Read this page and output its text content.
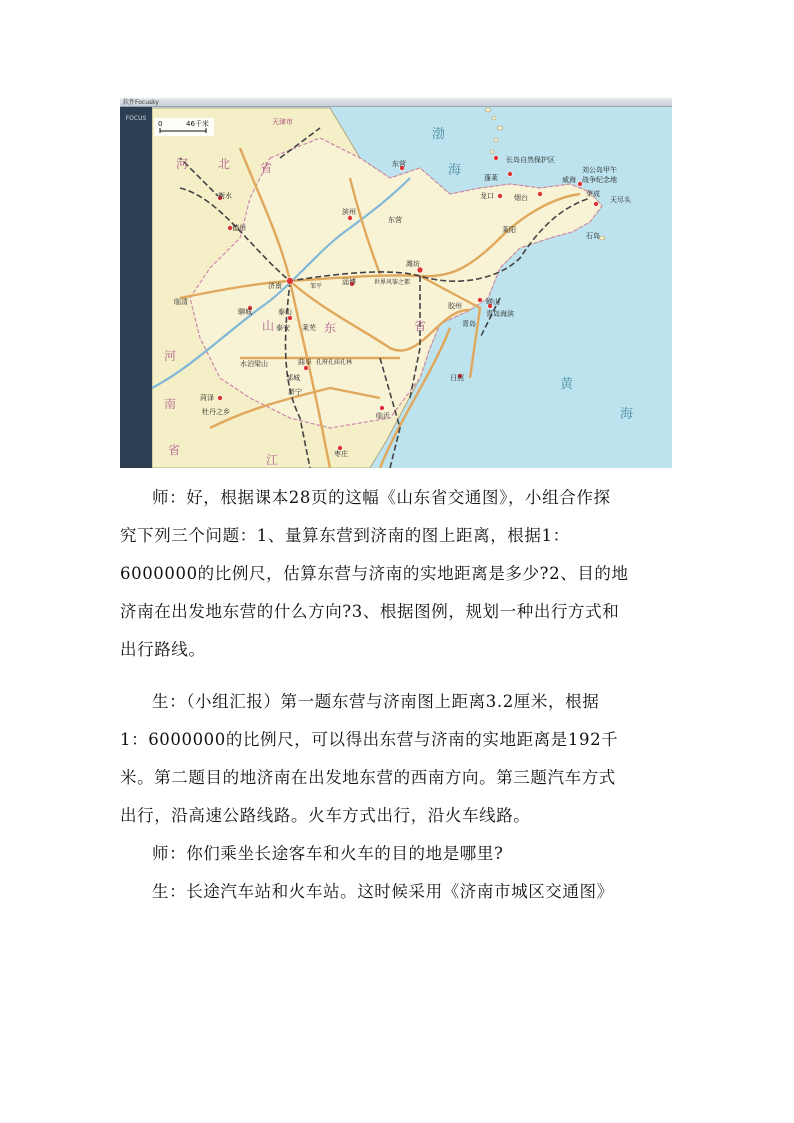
天津市
长岛自然保护区
刘公岛甲午
战争纪念地
蓬莱	威海
龙口	烟台	荣成
天尽头
东营
东营
滨州
莱阳
石岛
德州
衡水
潍坊
淄博	世界风筝之都
济南	邹平
临清
聊城	泰山
泰安 莱芜
胶州	崂山
青岛海滨
青岛
水泊梁山	曲阜 孔府孔庙孔林
邹城
济宁
日照
菏泽
牡丹之乡	临沂
枣庄
渤
海
黄
海
河 北 省
山	东	省
河
南
省
江
0	46千米
FOCUS
软件Focusky
师：好，根据课本28页的这幅《山东省交通图》，小组合作探
究下列三个问题：1、量算东营到济南的图上距离，根据1：
6000000的比例尺，估算东营与济南的实地距离是多少?2、目的地
济南在出发地东营的什么方向?3、根据图例，规划一种出行方式和
出行路线。
生：（小组汇报）第一题东营与济南图上距离3.2厘米，根据
1：6000000的比例尺，可以得出东营与济南的实地距离是192千
米。第二题目的地济南在出发地东营的西南方向。第三题汽车方式
出行，沿高速公路线路。火车方式出行，沿火车线路。
师：你们乘坐长途客车和火车的目的地是哪里?
生：长途汽车站和火车站。这时候采用《济南市城区交通图》
